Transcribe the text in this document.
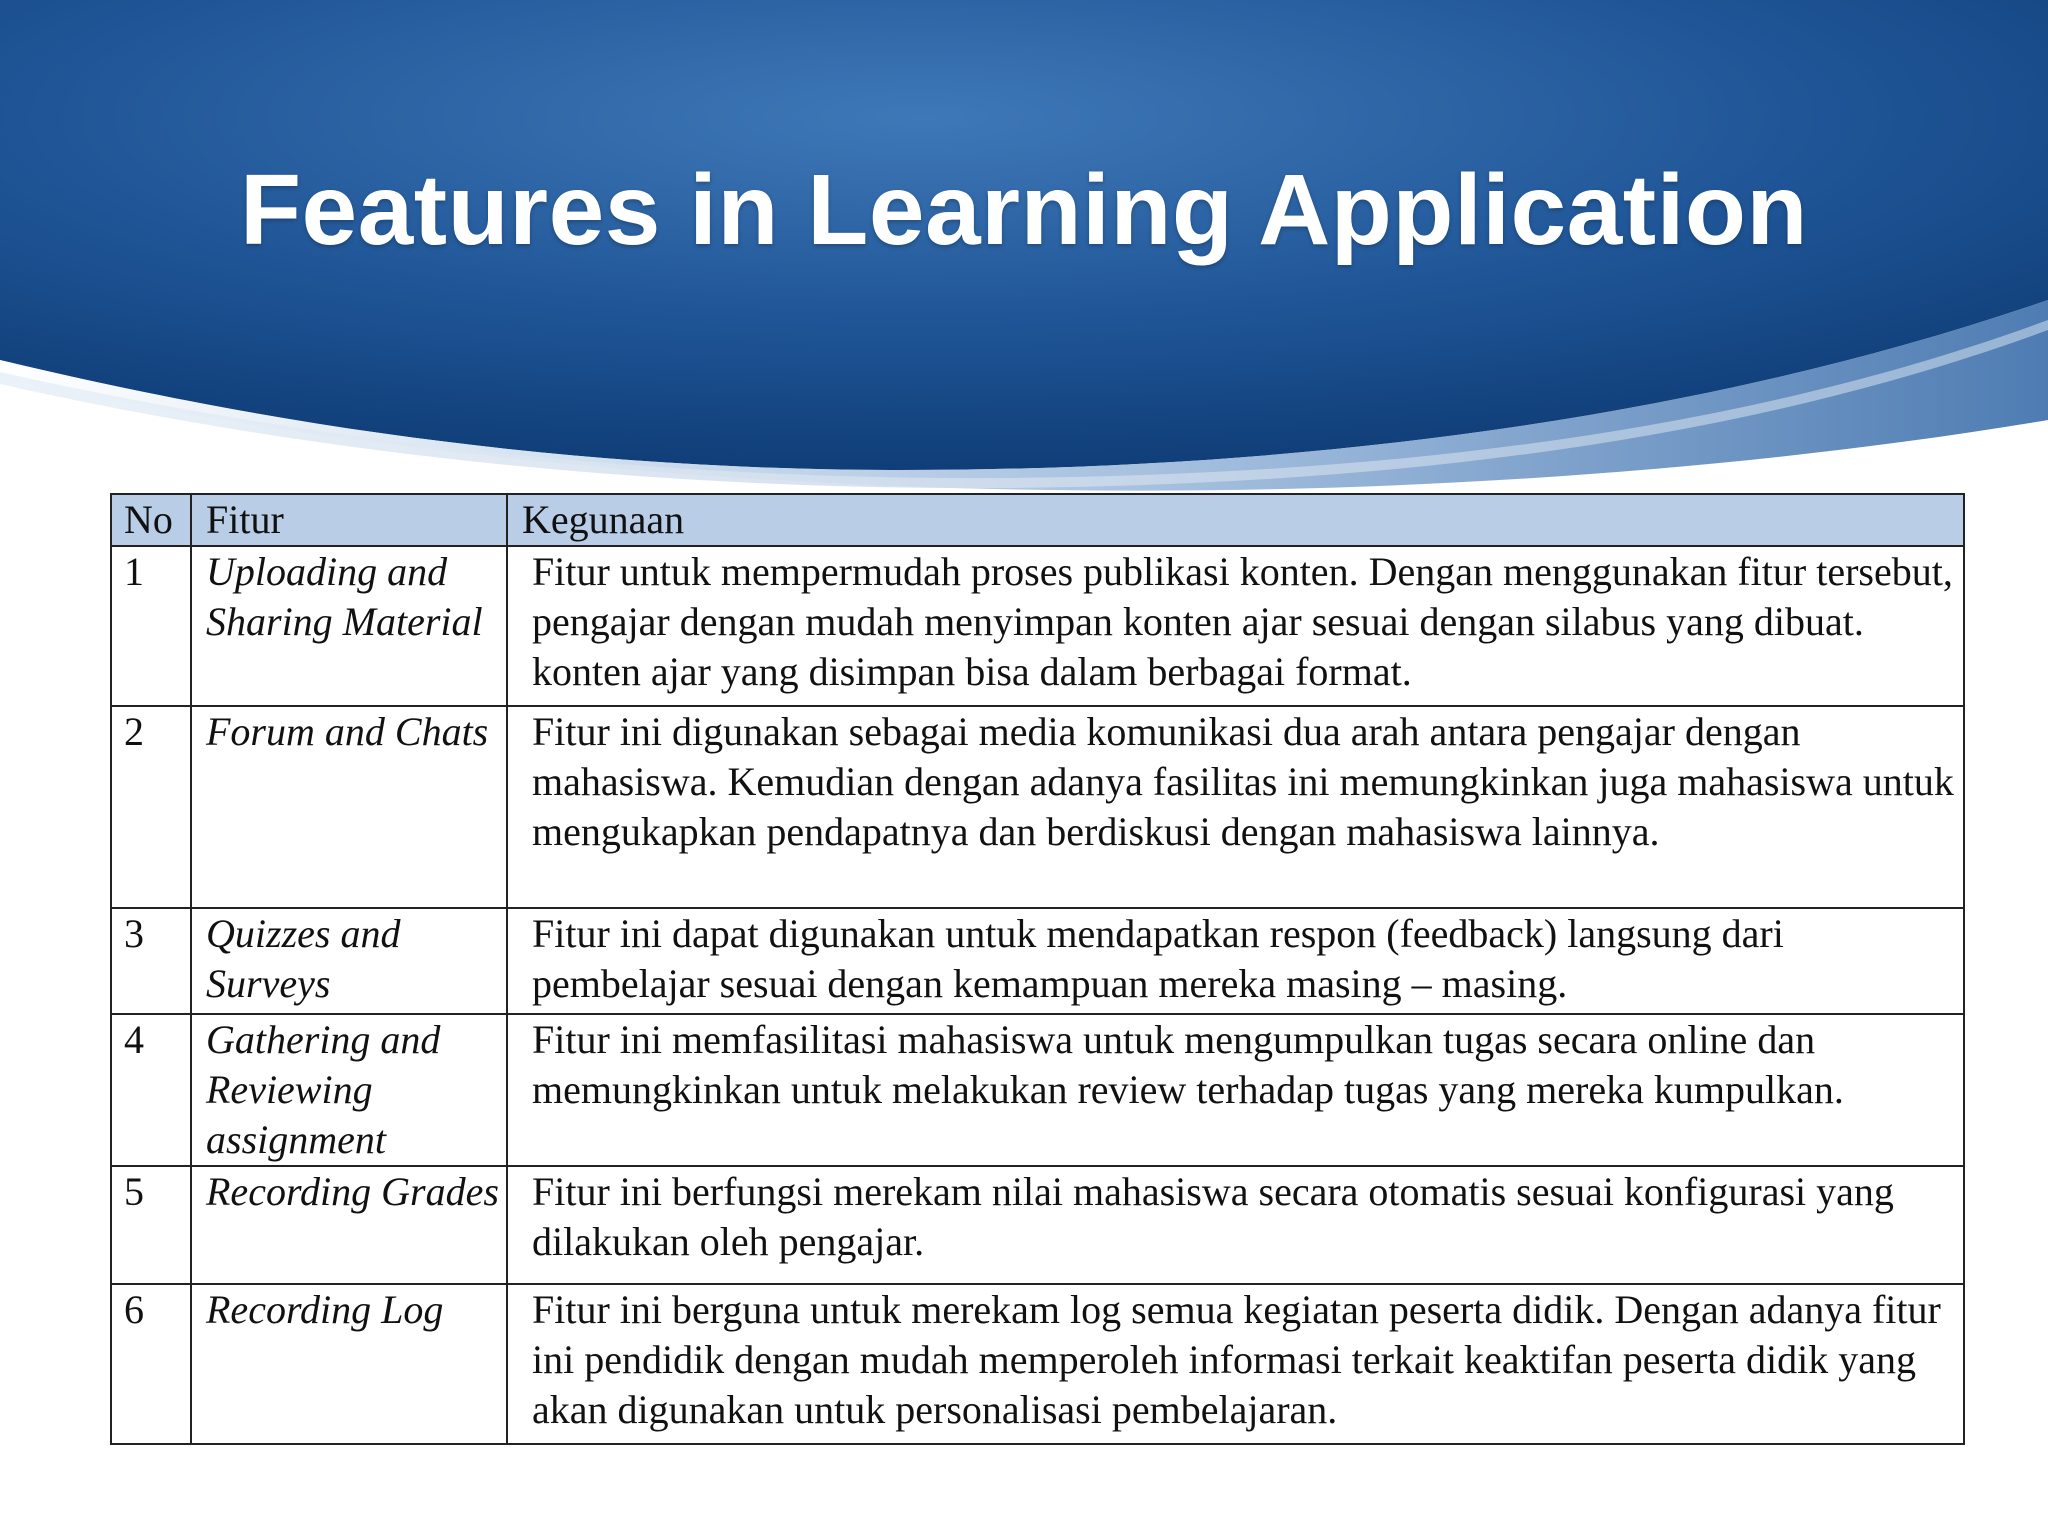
Features in Learning Application
No	Fitur	Kegunaan
1	Uploading and Sharing Material	Fitur untuk mempermudah proses publikasi konten. Dengan menggunakan fitur tersebut, pengajar dengan mudah menyimpan konten ajar sesuai dengan silabus yang dibuat. konten ajar yang disimpan bisa dalam berbagai format.
2	Forum and Chats	Fitur ini digunakan sebagai media komunikasi dua arah antara pengajar dengan mahasiswa. Kemudian dengan adanya fasilitas ini memungkinkan juga mahasiswa untuk mengukapkan pendapatnya dan berdiskusi dengan mahasiswa lainnya.
3	Quizzes and Surveys	Fitur ini dapat digunakan untuk mendapatkan respon (feedback) langsung dari pembelajar sesuai dengan kemampuan mereka masing – masing.
4	Gathering and Reviewing assignment	Fitur ini memfasilitasi mahasiswa untuk mengumpulkan tugas secara online dan memungkinkan untuk melakukan review terhadap tugas yang mereka kumpulkan.
5	Recording Grades	Fitur ini berfungsi merekam nilai mahasiswa secara otomatis sesuai konfigurasi yang dilakukan oleh pengajar.
6	Recording Log	Fitur ini berguna untuk merekam log semua kegiatan peserta didik. Dengan adanya fitur ini pendidik dengan mudah memperoleh informasi terkait keaktifan peserta didik yang akan digunakan untuk personalisasi pembelajaran.
